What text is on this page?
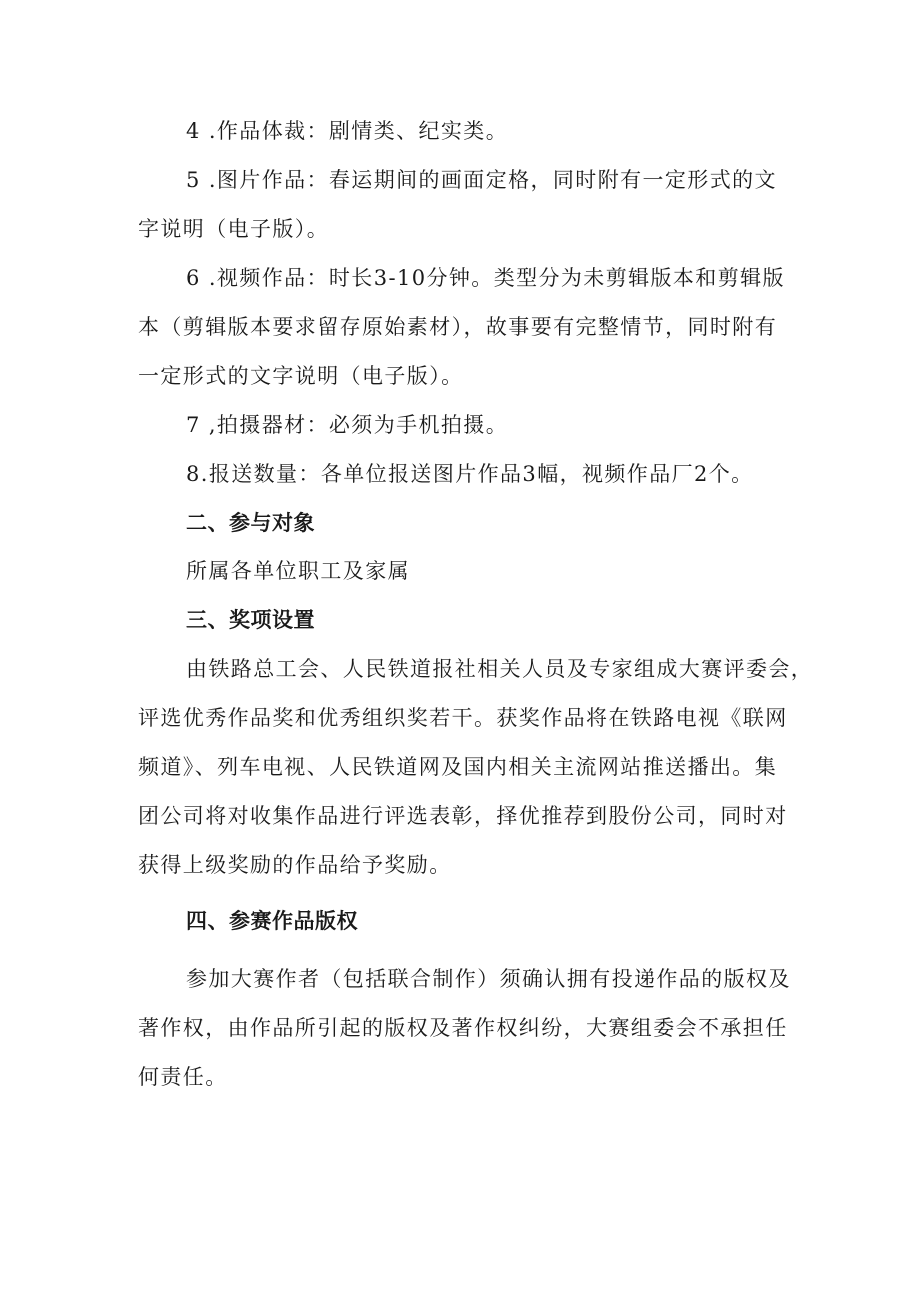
4 .作品体裁：剧情类、纪实类。
5 .图片作品：春运期间的画面定格，同时附有一定形式的文
字说明（电子版）。
6 .视频作品：时长3-10分钟。类型分为未剪辑版本和剪辑版
本（剪辑版本要求留存原始素材），故事要有完整情节，同时附有
一定形式的文字说明（电子版）。
7 ,拍摄器材：必须为手机拍摄。
8.报送数量：各单位报送图片作品3幅，视频作品厂2个。
二、参与对象
所属各单位职工及家属
三、奖项设置
由铁路总工会、人民铁道报社相关人员及专家组成大赛评委会，
评选优秀作品奖和优秀组织奖若干。获奖作品将在铁路电视《联网
频道》、列车电视、人民铁道网及国内相关主流网站推送播出。集
团公司将对收集作品进行评选表彰，择优推荐到股份公司，同时对
获得上级奖励的作品给予奖励。
四、参赛作品版权
参加大赛作者（包括联合制作）须确认拥有投递作品的版权及
著作权，由作品所引起的版权及著作权纠纷，大赛组委会不承担任
何责任。
